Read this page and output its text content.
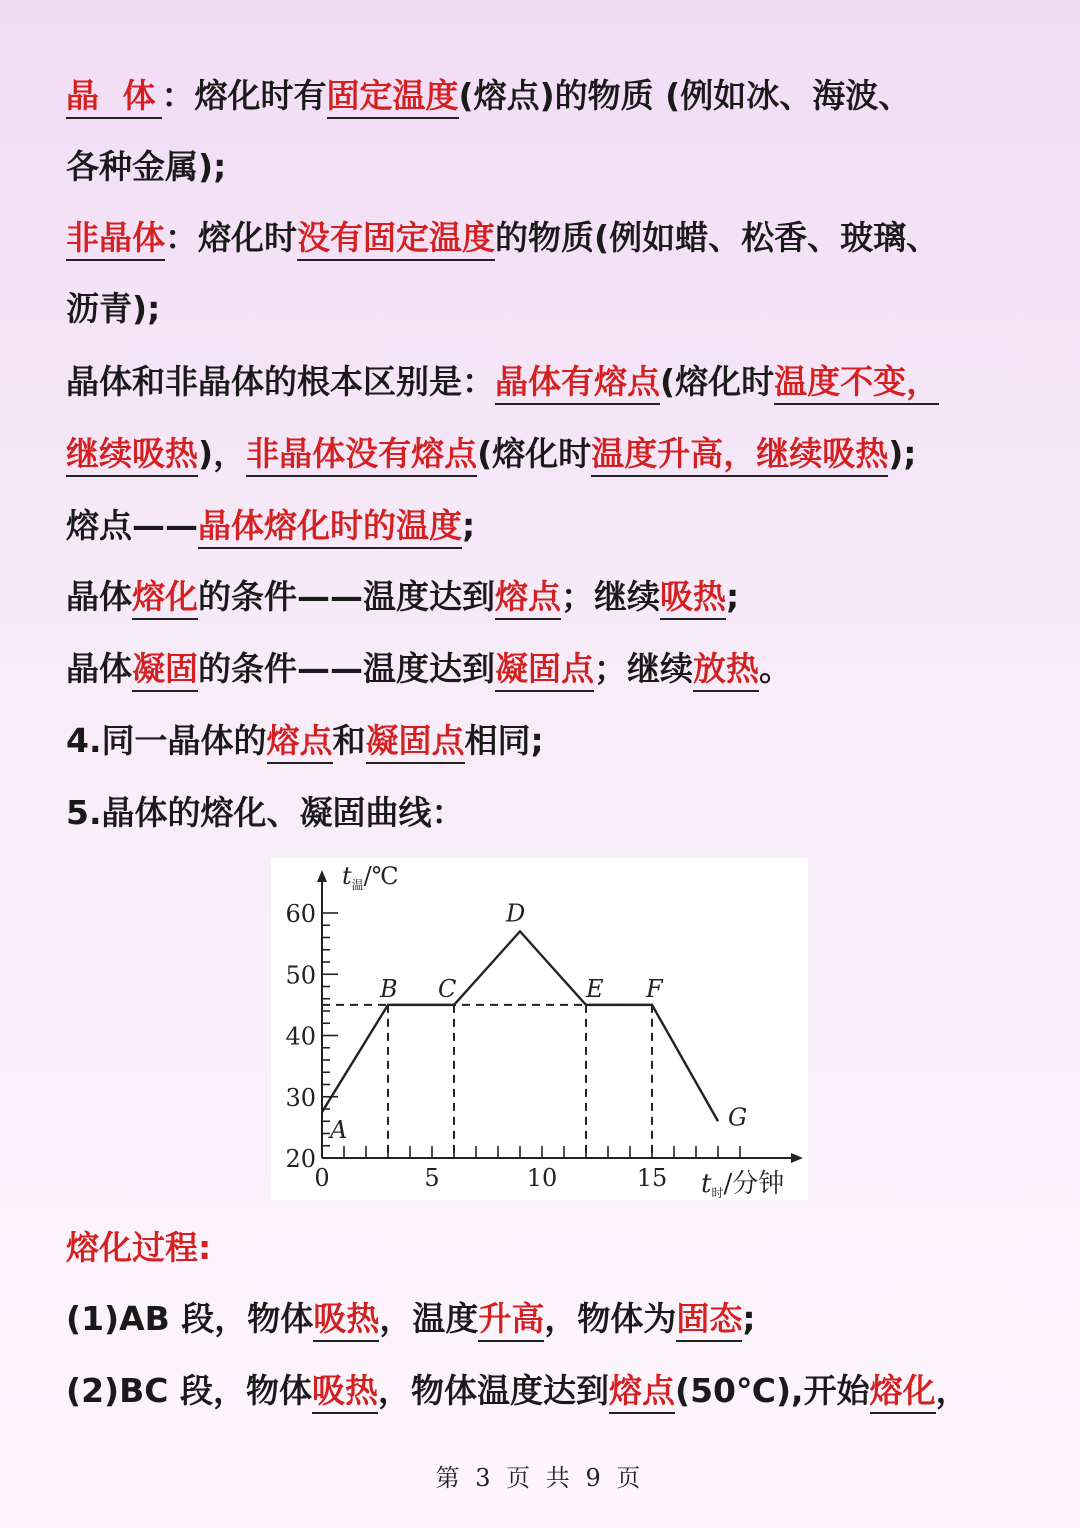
晶 体：熔化时有固定温度(熔点)的物质 (例如冰、海波、
各种金属);
非晶体：熔化时没有固定温度的物质(例如蜡、松香、玻璃、
沥青);
晶体和非晶体的根本区别是：晶体有熔点(熔化时温度不变，
继续吸热)，非晶体没有熔点(熔化时温度升高，继续吸热);
熔点——晶体熔化时的温度;
晶体熔化的条件——温度达到熔点；继续吸热;
晶体凝固的条件——温度达到凝固点；继续放热。
4.同一晶体的熔点和凝固点相同;
5.晶体的熔化、凝固曲线：
20
30
40
50
60
0	5	10	15
$t_温/℃$
t时/分钟
A
B C
D
E F
G
熔化过程:
(1)AB 段，物体吸热，温度升高，物体为固态;
(2)BC 段，物体吸热，物体温度达到熔点(50℃),开始熔化，
第 3 页 共 9 页
